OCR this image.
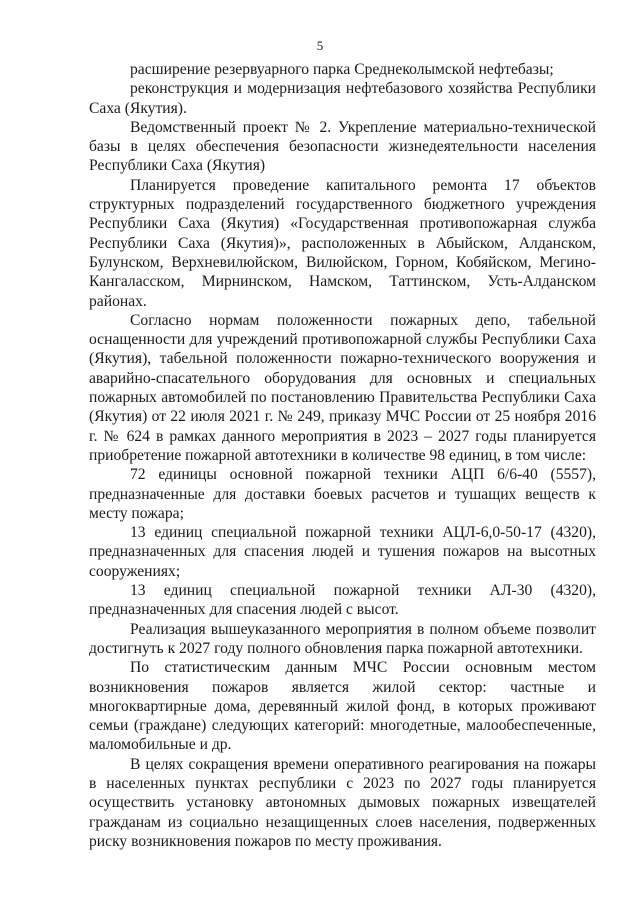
5

расширение резервуарного парка Среднеколымской нефтебазы;

реконструкция и модернизация нефтебазового хозяйства Республики Саха (Якутия).

Ведомственный проект № 2. Укрепление материально-технической базы в целях обеспечения безопасности жизнедеятельности населения Республики Саха (Якутия)

Планируется проведение капитального ремонта 17 объектов структурных подразделений государственного бюджетного учреждения Республики Саха (Якутия) «Государственная противопожарная служба Республики Саха (Якутия)», расположенных в Абыйском, Алданском, Булунском, Верхневилюйском, Вилюйском, Горном, Кобяйском, Мегино-Кангаласском, Мирнинском, Намском, Таттинском, Усть-Алданском районах.

Согласно нормам положенности пожарных депо, табельной оснащенности для учреждений противопожарной службы Республики Саха (Якутия), табельной положенности пожарно-технического вооружения и аварийно-спасательного оборудования для основных и специальных пожарных автомобилей по постановлению Правительства Республики Саха (Якутия) от 22 июля 2021 г. № 249, приказу МЧС России от 25 ноября 2016 г. № 624 в рамках данного мероприятия в 2023 – 2027 годы планируется приобретение пожарной автотехники в количестве 98 единиц, в том числе:

72 единицы основной пожарной техники АЦП 6/6-40 (5557), предназначенные для доставки боевых расчетов и тушащих веществ к месту пожара;

13 единиц специальной пожарной техники АЦЛ-6,0-50-17 (4320), предназначенных для спасения людей и тушения пожаров на высотных сооружениях;

13 единиц специальной пожарной техники АЛ-30 (4320), предназначенных для спасения людей с высот.

Реализация вышеуказанного мероприятия в полном объеме позволит достигнуть к 2027 году полного обновления парка пожарной автотехники.

По статистическим данным МЧС России основным местом возникновения пожаров является жилой сектор: частные и многоквартирные дома, деревянный жилой фонд, в которых проживают семьи (граждане) следующих категорий: многодетные, малообеспеченные, маломобильные и др.

В целях сокращения времени оперативного реагирования на пожары в населенных пунктах республики с 2023 по 2027 годы планируется осуществить установку автономных дымовых пожарных извещателей гражданам из социально незащищенных слоев населения, подверженных риску возникновения пожаров по месту проживания.
